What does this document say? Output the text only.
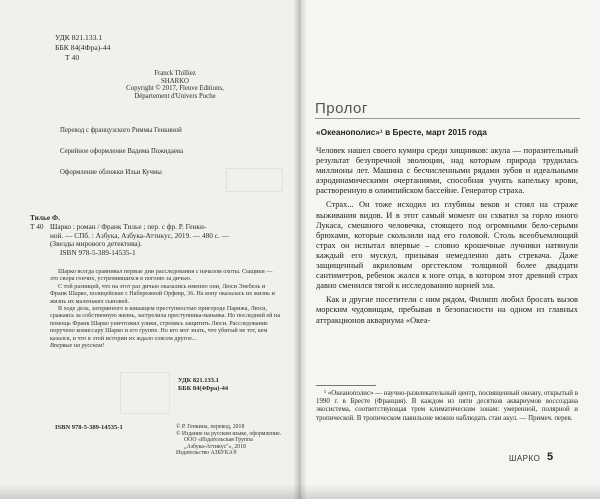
УДК 821.133.1
ББК 84(4Фра)-44
Т 40
Franck Thilliez
SHARKO
Copyright © 2017, Fleuve Editions,
Département d'Univers Poche
Перевод с французского Риммы Генкиной
Серийное оформление Вадима Пожидаева
Оформление обложки Ильи Кучмы
Тилье Ф.
Т 40 Шарко : роман / Франк Тилье ; пер. с фр. Р. Генки-
ной. — СПб. : Азбука, Азбука-Аттикус, 2019. — 480 с. —
(Звезды мирового детектива).
ISBN 978-5-389-14535-1
Шарко всегда сравнивал первые дни расследования с началом охоты. Сыщики — это свора гончих, устремившихся в погоню за дичью.
С той разницей, что на этот раз дичью оказались именно они, Люси Энебель и Франк Шарко, полицейские с Набережной Орфевр, 36. На кону оказалась их жизнь и жизнь их маленьких сыновей.
В ходе дела, затерянного в кишащем преступностью пригороде Парижа, Люси, сражаясь за собственную жизнь, застрелила преступника-маньяка. Но последний ей на помощь Франк Шарко уничтожил улики, стремясь защитить Люси. Расследование поручено комиссару Шарко и его группе. Но кто мог знать, что убитый не тот, кем казался, и что в этой истории их ждало совсем другое...
Впервые на русском!
УДК 821.133.1
ББК 84(4Фра)-44
ISBN 978-5-389-14535-1	© Р. Генкина, перевод, 2018
© Издание на русском языке, оформление.
ООО «Издательская Группа
„Азбука-Аттикус"», 2018
Издательство АЗБУКА®
Пролог
«Океанополис»¹ в Бресте, март 2015 года

Человек нашел своего кумира среди хищников: акула — поразительный результат безупречной эволюции, над которым природа трудилась миллионы лет. Машина с бесчисленными рядами зубов и идеальными аэродинамическими очертаниями, способная учуять капельку крови, растворенную в олимпийском бассейне. Генератор страха.

Страх... Он тоже исходил из глубины веков и стоял на страже выживания видов. И в этот самый момент он схватил за горло юного Лукаса, смешного человечка, стоящего под огромными бело-серыми брюхами, которые скользили над его головой. Столь всеобъемлющий страх он испытал впервые – словно крошечные лучники натянули каждый его мускул, призывая немедленно дать стрекача. Даже защищенный акриловым оргстеклом толщиной более двадцати сантиметров, ребенок жался к ноге отца, в котором этот древний страх давно сменился тягой к исследованию корней зла.

Как и другие посетители с ним рядом, Филипп любил бросать вызов морским чудовищам, пребывая в безопасности на одном из главных аттракционов аквариума «Океа-

¹ «Океанополис» — научно-развлекательный центр, посвященный океану, открытый в 1990 г. в Бресте (Франция). В каждом из пяти десятков аквариумов воссоздана экосистема, соответствующая трем климатическим зонам: умеренной, полярной и тропической. В тропическом павильоне можно наблюдать стаи акул. — Примеч. перев.

ШАРКО 5
